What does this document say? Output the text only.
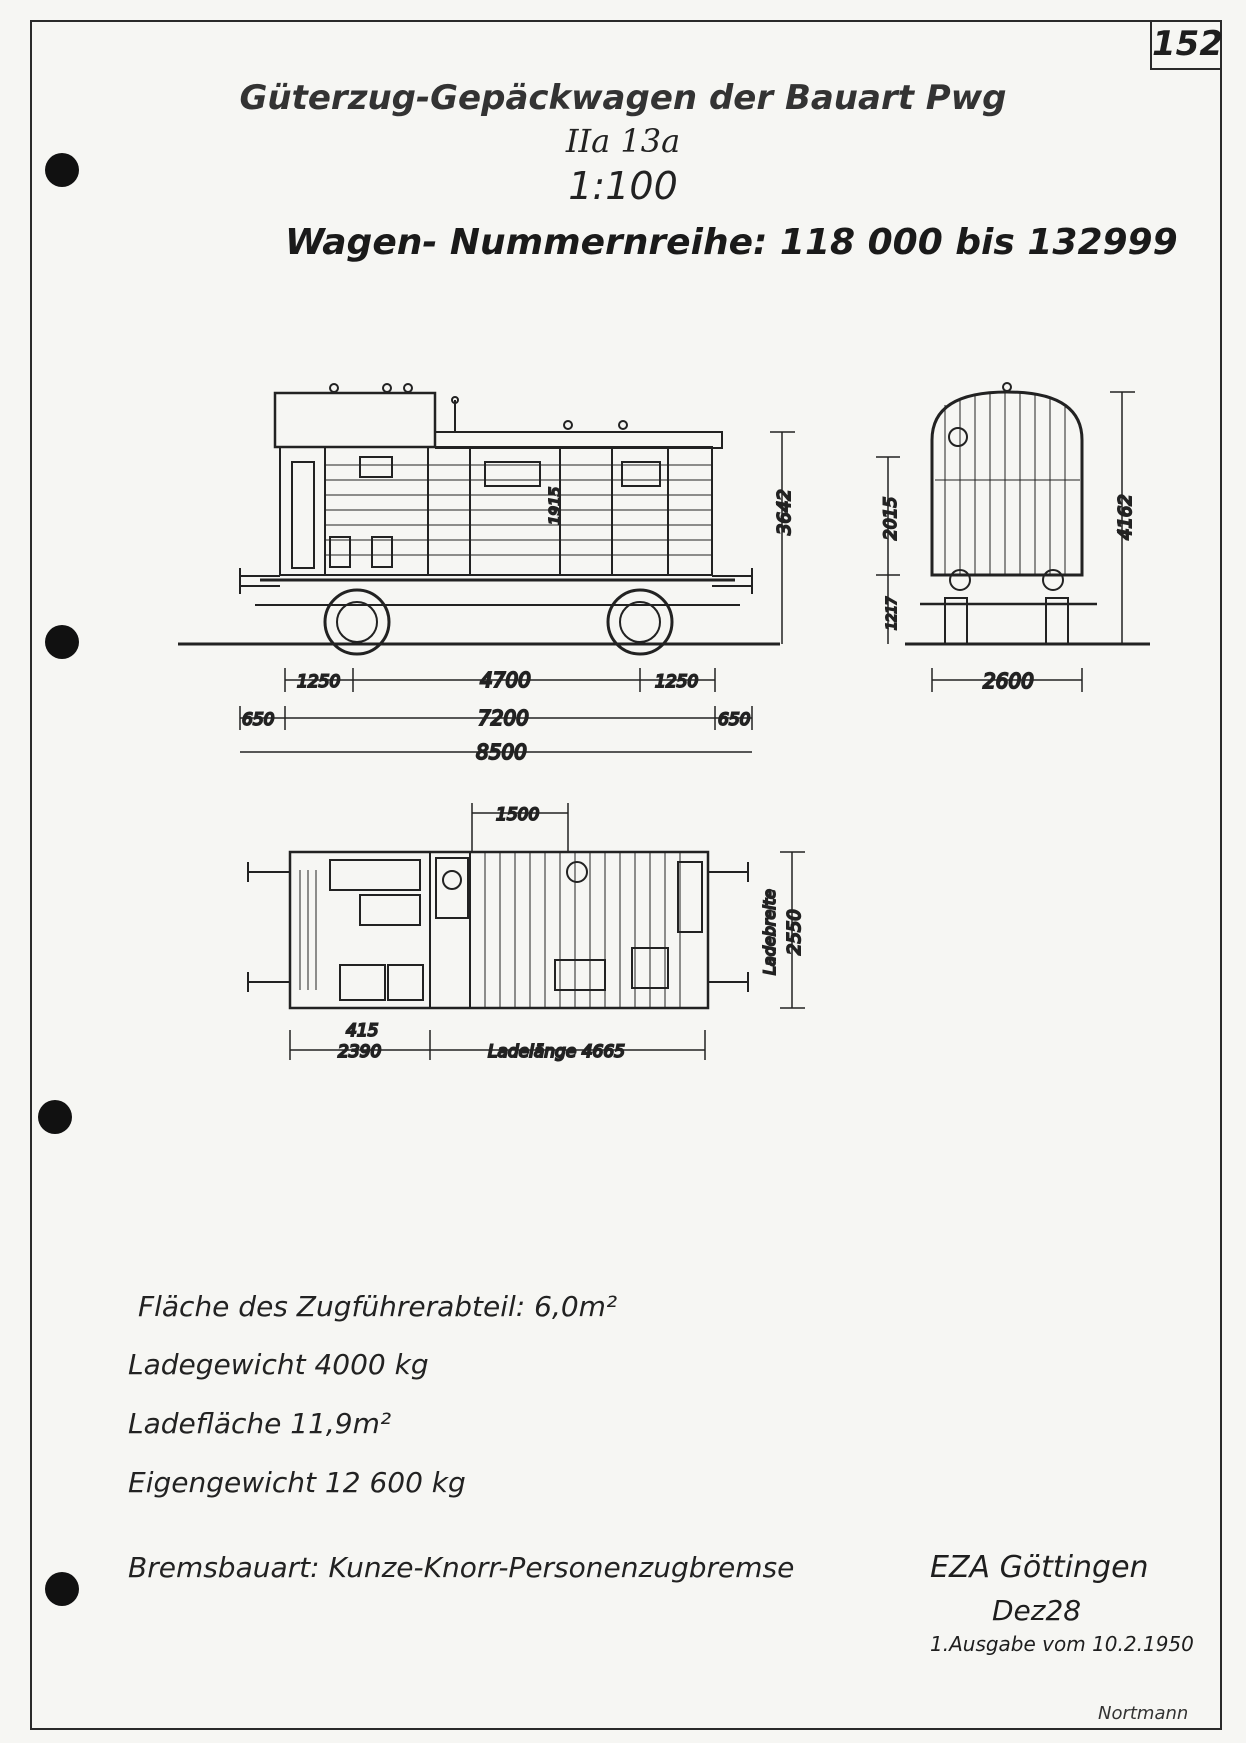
152
Güterzug-Gepäckwagen der Bauart Pwg
IIa 13a
1:100
Wagen- Nummernreihe: 118 000 bis 132999
3642
1915
1250	4700	1250
650	7200	650
8500
4162
2015
1217
2600
1500
Ladebreite 2550
415
2390	Ladelänge 4665
Fläche des Zugführerabteil: 6,0m²
Ladegewicht 4000 kg
Ladefläche 11,9m²
Eigengewicht 12 600 kg
Bremsbauart: Kunze-Knorr-Personenzugbremse	EZA Göttingen
Dez28
1.Ausgabe vom 10.2.1950
Nortmann
